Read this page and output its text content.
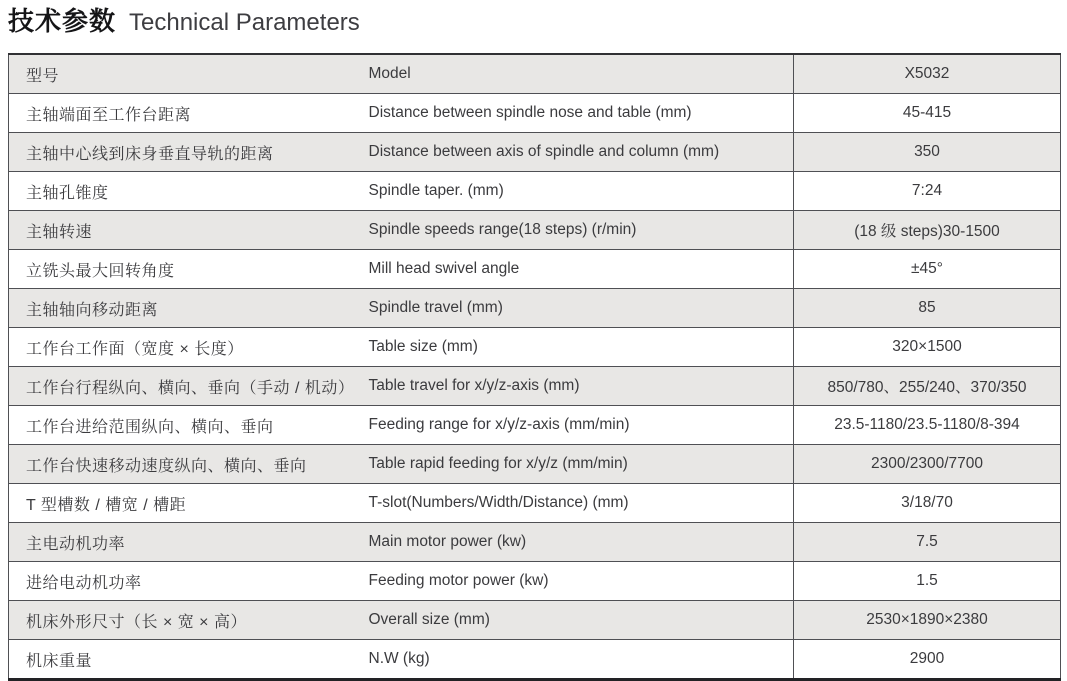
技术参数 Technical Parameters
型号	Model	X5032
主轴端面至工作台距离	Distance between spindle nose and table (mm)	45-415
主轴中心线到床身垂直导轨的距离	Distance between axis of spindle and column (mm)	350
主轴孔锥度	Spindle taper. (mm)	7:24
主轴转速	Spindle speeds range(18 steps) (r/min)	(18 级 steps)30-1500
立铣头最大回转角度	Mill head swivel angle	±45°
主轴轴向移动距离	Spindle travel (mm)	85
工作台工作面（宽度 × 长度）	Table size (mm)	320×1500
工作台行程纵向、横向、垂向（手动 / 机动）	Table travel for x/y/z-axis (mm)	850/780、255/240、370/350
工作台进给范围纵向、横向、垂向	Feeding range for x/y/z-axis (mm/min)	23.5-1180/23.5-1180/8-394
工作台快速移动速度纵向、横向、垂向	Table rapid feeding for x/y/z (mm/min)	2300/2300/7700
T 型槽数 / 槽宽 / 槽距	T-slot(Numbers/Width/Distance) (mm)	3/18/70
主电动机功率	Main motor power (kw)	7.5
进给电动机功率	Feeding motor power (kw)	1.5
机床外形尺寸（长 × 宽 × 高）	Overall size (mm)	2530×1890×2380
机床重量	N.W (kg)	2900
